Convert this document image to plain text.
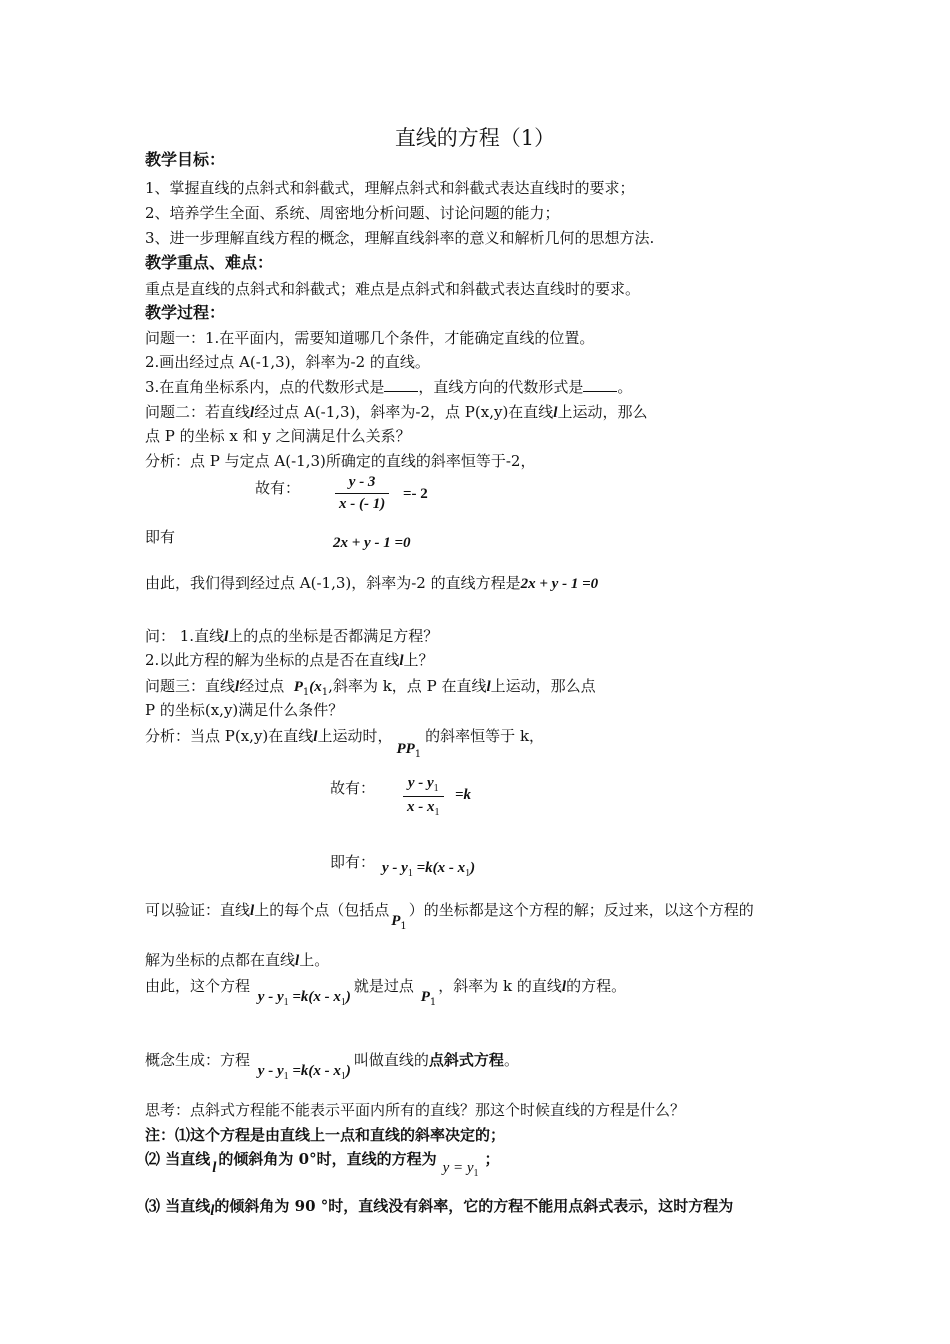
直线的方程（1）
教学目标：
1、掌握直线的点斜式和斜截式，理解点斜式和斜截式表达直线时的要求；
2、培养学生全面、系统、周密地分析问题、讨论问题的能力；
3、进一步理解直线方程的概念，理解直线斜率的意义和解析几何的思想方法.
教学重点、难点：
重点是直线的点斜式和斜截式；难点是点斜式和斜截式表达直线时的要求。
教学过程：
问题一：1.在平面内，需要知道哪几个条件，才能确定直线的位置。
2.画出经过点 A(-1,3)，斜率为-2 的直线。
3.在直角坐标系内，点的代数形式是 ，直线方向的代数形式是 。
问题二：若直线l经过点 A(-1,3)，斜率为-2，点 P(x,y)在直线l上运动，那么
点 P 的坐标 x 和 y 之间满足什么关系？
分析：点 P 与定点 A(-1,3)所确定的直线的斜率恒等于-2，
故有：	y - 3
x - (- 1)
=- 2
即有	2x + y - 1 =0
由此，我们得到经过点 A(-1,3)，斜率为-2 的直线方程是2x + y - 1 =0
问： 1.直线l上的点的坐标是否都满足方程？
2.以此方程的解为坐标的点是否在直线l上？
问题三：直线l经过点 $P_1(x_1$,斜率为 k，点 P 在直线l上运动，那么点
P 的坐标(x,y)满足什么条件？
分析：当点 P(x,y)在直线l上运动时，$PP_1$的斜率恒等于 k，
故有：	y - $y_1$
x - $x_1$
=k
即有： $y - y_1 =k(x - x_1)$
可以验证：直线l上的每个点（包括点$P_1$）的坐标都是这个方程的解；反过来，以这个方程的
解为坐标的点都在直线l上。
由此，这个方程 $y - y_1 =k(x - x_1)$就是过点 $P_1$，斜率为 k 的直线l的方程。
概念生成：方程 $y - y_1 =k(x - x_1)$叫做直线的点斜式方程。
思考：点斜式方程能不能表示平面内所有的直线？那这个时候直线的方程是什么？
注：⑴这个方程是由直线上一点和直线的斜率决定的；
⑵ 当直线 l 的倾斜角为 0°时，直线的方程为 $y = y_1$；
⑶ 当直线l的倾斜角为 90 °时，直线没有斜率，它的方程不能用点斜式表示，这时方程为
